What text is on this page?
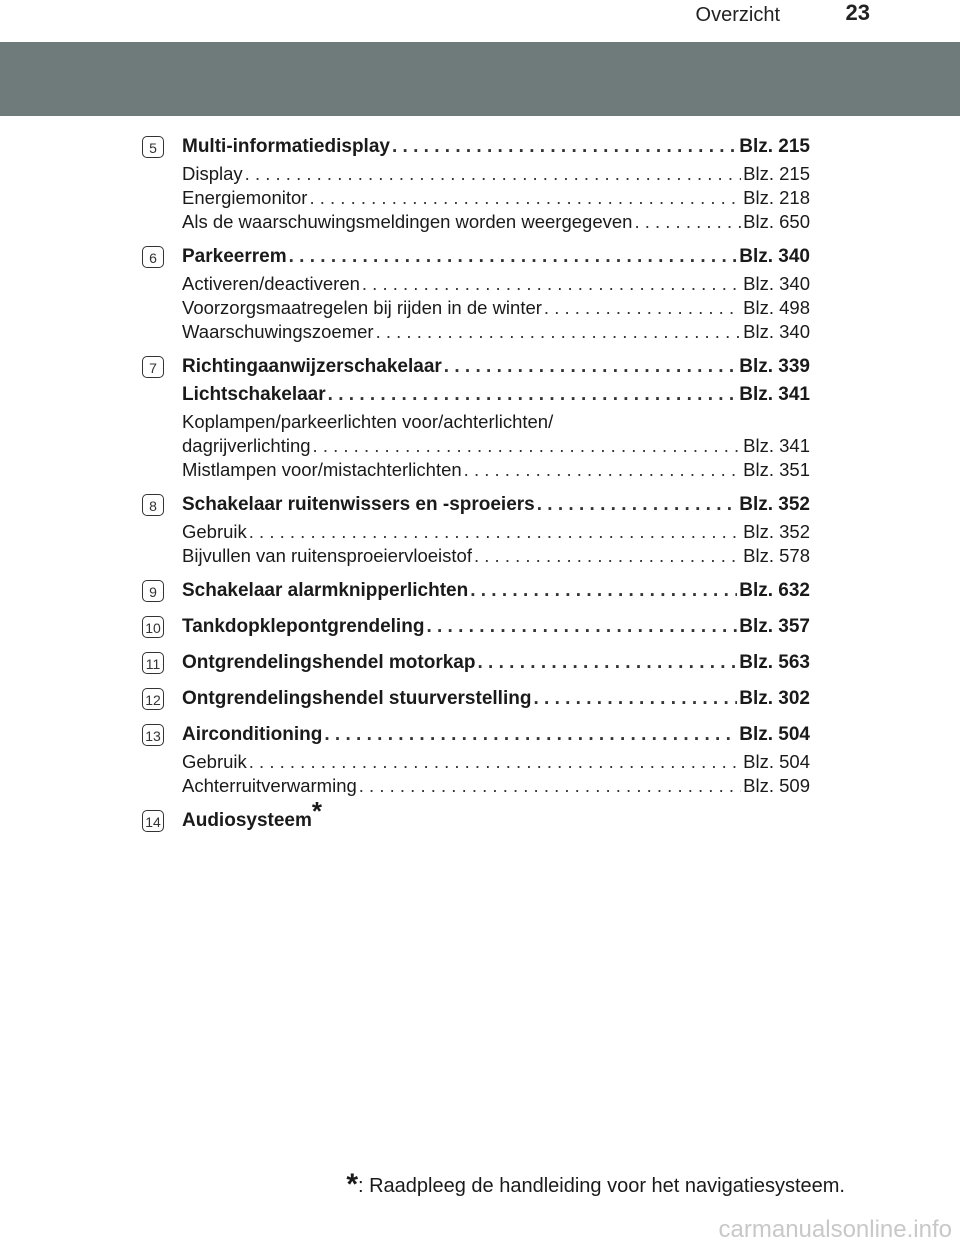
Overzicht	23
5	Multi-informatiedisplay . . .	Blz. 215
Display . . .	Blz. 215
Energiemonitor . . .	Blz. 218
Als de waarschuwingsmeldingen worden weergegeven . . .	Blz. 650
6	Parkeerrem . . .	Blz. 340
Activeren/deactiveren . . .	Blz. 340
Voorzorgsmaatregelen bij rijden in de winter . . .	Blz. 498
Waarschuwingszoemer . . .	Blz. 340
7	Richtingaanwijzerschakelaar . . .	Blz. 339
Lichtschakelaar . . .	Blz. 341
Koplampen/parkeerlichten voor/achterlichten/
dagrijverlichting . . .	Blz. 341
Mistlampen voor/mistachterlichten . . .	Blz. 351
8	Schakelaar ruitenwissers en -sproeiers . . .	Blz. 352
Gebruik . . .	Blz. 352
Bijvullen van ruitensproeiervloeistof . . .	Blz. 578
9	Schakelaar alarmknipperlichten . . .	Blz. 632
10 Tankdopklepontgrendeling . . .	Blz. 357
11 Ontgrendelingshendel motorkap . . .	Blz. 563
12 Ontgrendelingshendel stuurverstelling . . .	Blz. 302
13 Airconditioning . . .	Blz. 504
Gebruik . . .	Blz. 504
Achterruitverwarming . . .	Blz. 509
14 Audiosysteem*
*: Raadpleeg de handleiding voor het navigatiesysteem.
carmanualsonline.info
